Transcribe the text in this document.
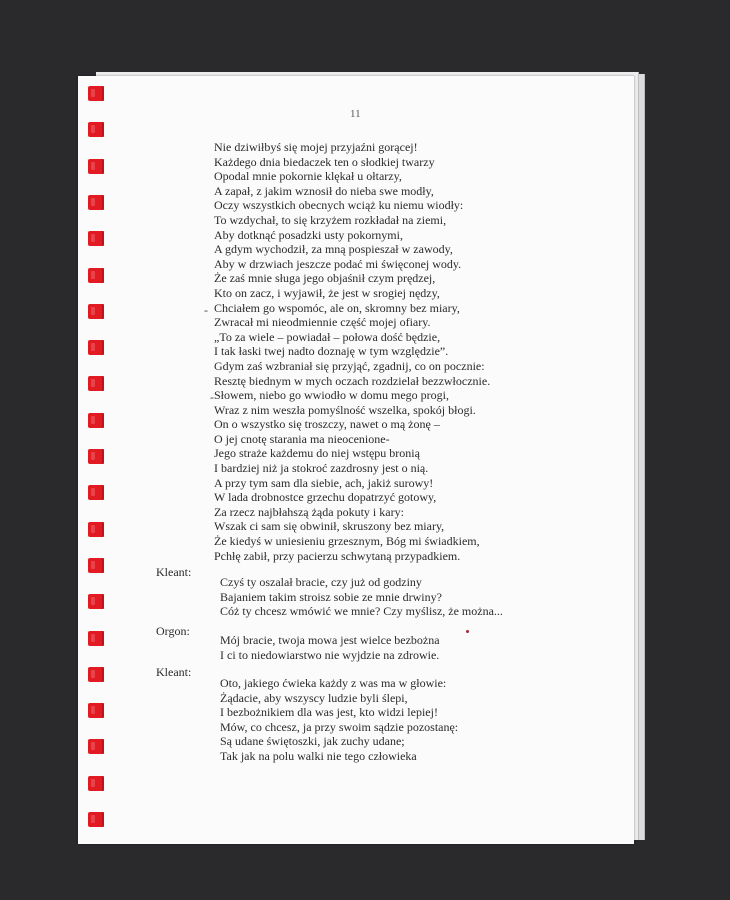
11
-
-
Nie dziwiłbyś się mojej przyjaźni gorącej!
Każdego dnia biedaczek ten o słodkiej twarzy
Opodal mnie pokornie klękał u ołtarzy,
A zapał, z jakim wznosił do nieba swe modły,
Oczy wszystkich obecnych wciąż ku niemu wiodły:
To wzdychał, to się krzyżem rozkładał na ziemi,
Aby dotknąć posadzki usty pokornymi,
A gdym wychodził, za mną pospieszał w zawody,
Aby w drzwiach jeszcze podać mi święconej wody.
Że zaś mnie sługa jego objaśnił czym prędzej,
Kto on zacz, i wyjawił, że jest w srogiej nędzy,
Chciałem go wspomóc, ale on, skromny bez miary,
Zwracał mi nieodmiennie część mojej ofiary.
„To za wiele – powiadał – połowa dość będzie,
I tak łaski twej nadto doznaję w tym względzie”.
Gdym zaś wzbraniał się przyjąć, zgadnij, co on pocznie:
Resztę biednym w mych oczach rozdzielał bezzwłocznie.
Słowem, niebo go wwiodło w domu mego progi,
Wraz z nim weszła pomyślność wszelka, spokój błogi.
On o wszystko się troszczy, nawet o mą żonę –
O jej cnotę starania ma nieocenione-
Jego straże każdemu do niej wstępu bronią
I bardziej niż ja stokroć zazdrosny jest o nią.
A przy tym sam dla siebie, ach, jakiż surowy!
W lada drobnostce grzechu dopatrzyć gotowy,
Za rzecz najbłahszą żąda pokuty i kary:
Wszak ci sam się obwinił, skruszony bez miary,
Że kiedyś w uniesieniu grzesznym, Bóg mi świadkiem,
Pchłę zabił, przy pacierzu schwytaną przypadkiem.
Kleant:
Czyś ty oszalał bracie, czy już od godziny
Bajaniem takim stroisz sobie ze mnie drwiny?
Cóż ty chcesz wmówić we mnie? Czy myślisz, że można...
Orgon:
Mój bracie, twoja mowa jest wielce bezbożna
I ci to niedowiarstwo nie wyjdzie na zdrowie.
Kleant:
Oto, jakiego ćwieka każdy z was ma w głowie:
Żądacie, aby wszyscy ludzie byli ślepi,
I bezbożnikiem dla was jest, kto widzi lepiej!
Mów, co chcesz, ja przy swoim sądzie pozostanę:
Są udane świętoszki, jak zuchy udane;
Tak jak na polu walki nie tego człowieka
